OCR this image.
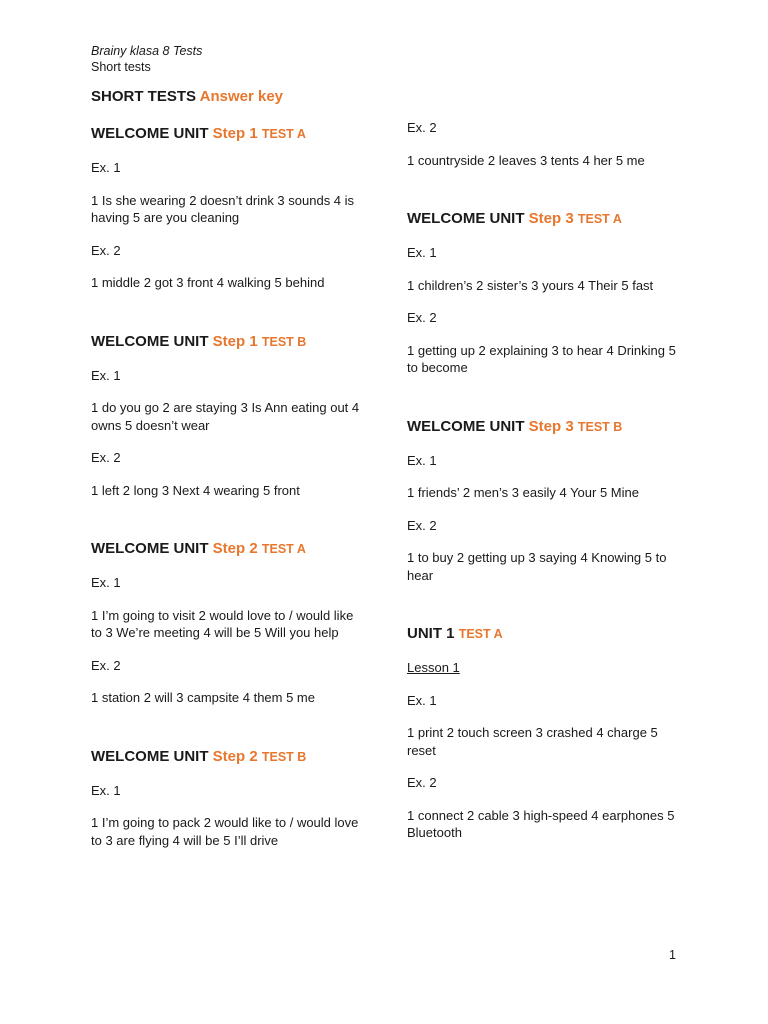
Brainy klasa 8 Tests
Short tests
SHORT TESTS Answer key

WELCOME UNIT Step 1 TEST A

Ex. 1

1 Is she wearing 2 doesn’t drink 3 sounds 4 is having 5 are you cleaning

Ex. 2

1 middle 2 got 3 front 4 walking 5 behind

WELCOME UNIT Step 1 TEST B

Ex. 1

1 do you go 2 are staying 3 Is Ann eating out 4 owns 5 doesn’t wear

Ex. 2

1 left 2 long 3 Next 4 wearing 5 front

WELCOME UNIT Step 2 TEST A

Ex. 1

1 I’m going to visit 2 would love to / would like to 3 We’re meeting 4 will be 5 Will you help

Ex. 2

1 station 2 will 3 campsite 4 them 5 me

WELCOME UNIT Step 2 TEST B

Ex. 1

1 I’m going to pack 2 would like to / would love to 3 are flying 4 will be 5 I’ll drive

Ex. 2

1 countryside 2 leaves 3 tents 4 her 5 me

WELCOME UNIT Step 3 TEST A

Ex. 1

1 children’s 2 sister’s 3 yours 4 Their 5 fast

Ex. 2

1 getting up 2 explaining 3 to hear 4 Drinking 5 to become

WELCOME UNIT Step 3 TEST B

Ex. 1

1 friends’ 2 men’s 3 easily 4 Your 5 Mine

Ex. 2

1 to buy 2 getting up 3 saying 4 Knowing 5 to hear

UNIT 1 TEST A

Lesson 1

Ex. 1

1 print 2 touch screen 3 crashed 4 charge 5 reset

Ex. 2

1 connect 2 cable 3 high-speed 4 earphones 5 Bluetooth

1
